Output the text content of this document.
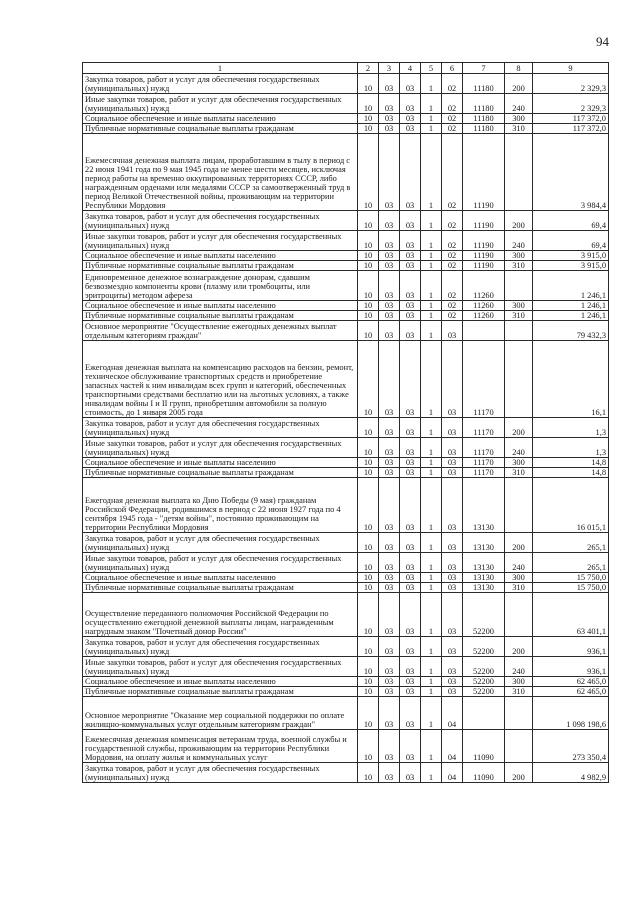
94
1	2	3	4	5	6	7	8	9
Закупка товаров, работ и услуг для обеспечения государственных (муниципальных) нужд	10	03	03	1	02	11180	200	2 329,3
Иные закупки товаров, работ и услуг для обеспечения государственных (муниципальных) нужд	10	03	03	1	02	11180	240	2 329,3
Социальное обеспечение и иные выплаты населению	10	03	03	1	02	11180	300	117 372,0
Публичные нормативные социальные выплаты гражданам	10	03	03	1	02	11180	310	117 372,0
Ежемесячная денежная выплата лицам, проработавшим в тылу в период с 22 июня 1941 года по 9 мая 1945 года не менее шести месяцев, исключая период работы на временно оккупированных территориях СССР, либо награжденным орденами или медалями СССР за самоотверженный труд в период Великой Отечественной войны, проживающим на территории Республики Мордовия	10	03	03	1	02	11190		3 984,4
Закупка товаров, работ и услуг для обеспечения государственных (муниципальных) нужд	10	03	03	1	02	11190	200	69,4
Иные закупки товаров, работ и услуг для обеспечения государственных (муниципальных) нужд	10	03	03	1	02	11190	240	69,4
Социальное обеспечение и иные выплаты населению	10	03	03	1	02	11190	300	3 915,0
Публичные нормативные социальные выплаты гражданам	10	03	03	1	02	11190	310	3 915,0
Единовременное денежное вознаграждение донорам, сдавшим безвозмездно компоненты крови (плазму или тромбоциты, или эритроциты) методом афереза	10	03	03	1	02	11260		1 246,1
Социальное обеспечение и иные выплаты населению	10	03	03	1	02	11260	300	1 246,1
Публичные нормативные социальные выплаты гражданам	10	03	03	1	02	11260	310	1 246,1
Основное мероприятие "Осуществление ежегодных денежных выплат отдельным категориям граждан"	10	03	03	1	03			79 432,3
Ежегодная денежная выплата на компенсацию расходов на бензин, ремонт, техническое обслуживание транспортных средств и приобретение запасных частей к ним инвалидам всех групп и категорий, обеспеченных транспортными средствами бесплатно или на льготных условиях, а также инвалидам войны I и II групп, приобретшим автомобили за полную стоимость, до 1 января 2005 года	10	03	03	1	03	11170		16,1
Закупка товаров, работ и услуг для обеспечения государственных (муниципальных) нужд	10	03	03	1	03	11170	200	1,3
Иные закупки товаров, работ и услуг для обеспечения государственных (муниципальных) нужд	10	03	03	1	03	11170	240	1,3
Социальное обеспечение и иные выплаты населению	10	03	03	1	03	11170	300	14,8
Публичные нормативные социальные выплаты гражданам	10	03	03	1	03	11170	310	14,8
Ежегодная денежная выплата ко Дню Победы (9 мая) гражданам Российской Федерации, родившимся в период с 22 июня 1927 года по 4 сентября 1945 года - "детям войны", постоянно проживающим на территории Республики Мордовия	10	03	03	1	03	13130		16 015,1
Закупка товаров, работ и услуг для обеспечения государственных (муниципальных) нужд	10	03	03	1	03	13130	200	265,1
Иные закупки товаров, работ и услуг для обеспечения государственных (муниципальных) нужд	10	03	03	1	03	13130	240	265,1
Социальное обеспечение и иные выплаты населению	10	03	03	1	03	13130	300	15 750,0
Публичные нормативные социальные выплаты гражданам	10	03	03	1	03	13130	310	15 750,0
Осуществление переданного полномочия Российской Федерации по осуществлению ежегодной денежной выплаты лицам, награжденным нагрудным знаком "Почетный донор России"	10	03	03	1	03	52200		63 401,1
Закупка товаров, работ и услуг для обеспечения государственных (муниципальных) нужд	10	03	03	1	03	52200	200	936,1
Иные закупки товаров, работ и услуг для обеспечения государственных (муниципальных) нужд	10	03	03	1	03	52200	240	936,1
Социальное обеспечение и иные выплаты населению	10	03	03	1	03	52200	300	62 465,0
Публичные нормативные социальные выплаты гражданам	10	03	03	1	03	52200	310	62 465,0
Основное мероприятие "Оказание мер социальной поддержки по оплате жилищно-коммунальных услуг отдельным категориям граждан"	10	03	03	1	04			1 098 198,6
Ежемесячная денежная компенсация ветеранам труда, военной службы и государственной службы, проживающим на территории Республики Мордовия, на оплату жилья и коммунальных услуг	10	03	03	1	04	11090		273 350,4
Закупка товаров, работ и услуг для обеспечения государственных (муниципальных) нужд	10	03	03	1	04	11090	200	4 982,9
